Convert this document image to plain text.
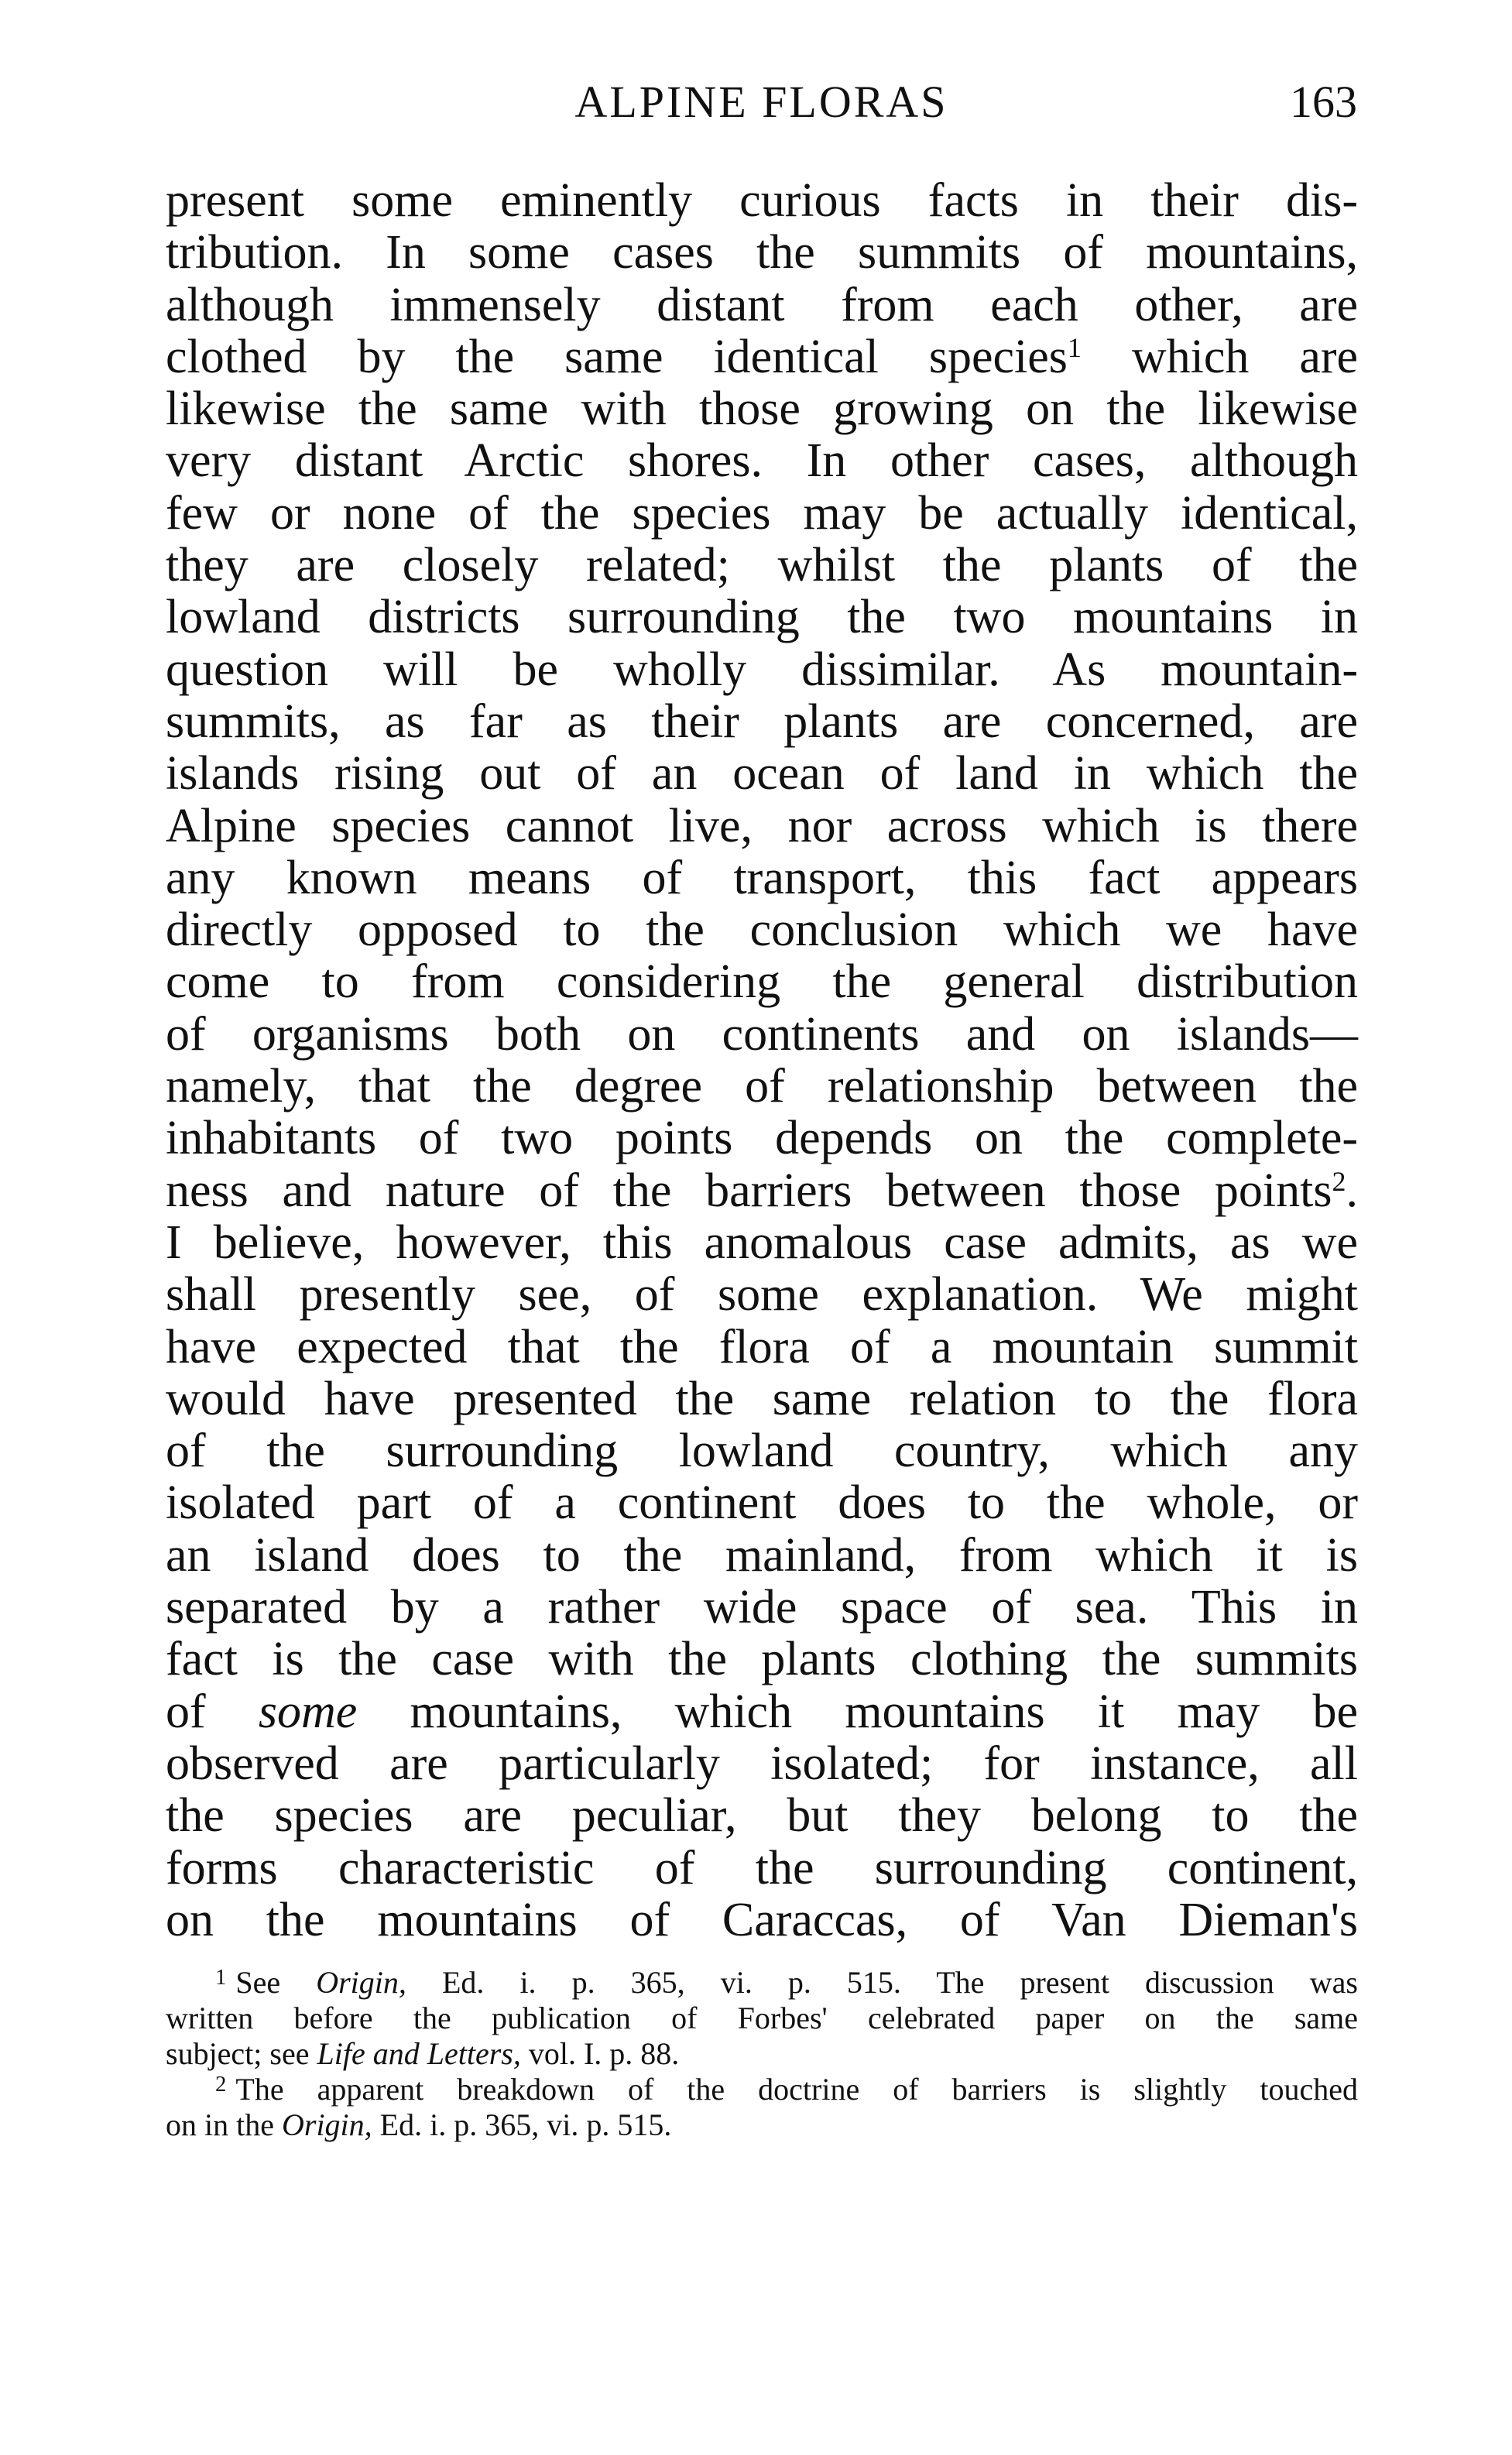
ALPINE FLORAS	163
present some eminently curious facts in their dis-
tribution. In some cases the summits of mountains,
although immensely distant from each other, are
clothed by the same identical species$^1$ which are
likewise the same with those growing on the likewise
very distant Arctic shores. In other cases, although
few or none of the species may be actually identical,
they are closely related; whilst the plants of the
lowland districts surrounding the two mountains in
question will be wholly dissimilar. As mountain-
summits, as far as their plants are concerned, are
islands rising out of an ocean of land in which the
Alpine species cannot live, nor across which is there
any known means of transport, this fact appears
directly opposed to the conclusion which we have
come to from considering the general distribution
of organisms both on continents and on islands—
namely, that the degree of relationship between the
inhabitants of two points depends on the complete-
ness and nature of the barriers between those points$^2$.
I believe, however, this anomalous case admits, as we
shall presently see, of some explanation. We might
have expected that the flora of a mountain summit
would have presented the same relation to the flora
of the surrounding lowland country, which any
isolated part of a continent does to the whole, or
an island does to the mainland, from which it is
separated by a rather wide space of sea. This in
fact is the case with the plants clothing the summits
of some mountains, which mountains it may be
observed are particularly isolated; for instance, all
the species are peculiar, but they belong to the
forms characteristic of the surrounding continent,
on the mountains of Caraccas, of Van Dieman's
$^1$ See Origin, Ed. i. p. 365, vi. p. 515. The present discussion was
written before the publication of Forbes' celebrated paper on the same
subject; see Life and Letters, vol. I. p. 88.
$^2$ The apparent breakdown of the doctrine of barriers is slightly touched
on in the Origin, Ed. i. p. 365, vi. p. 515.
